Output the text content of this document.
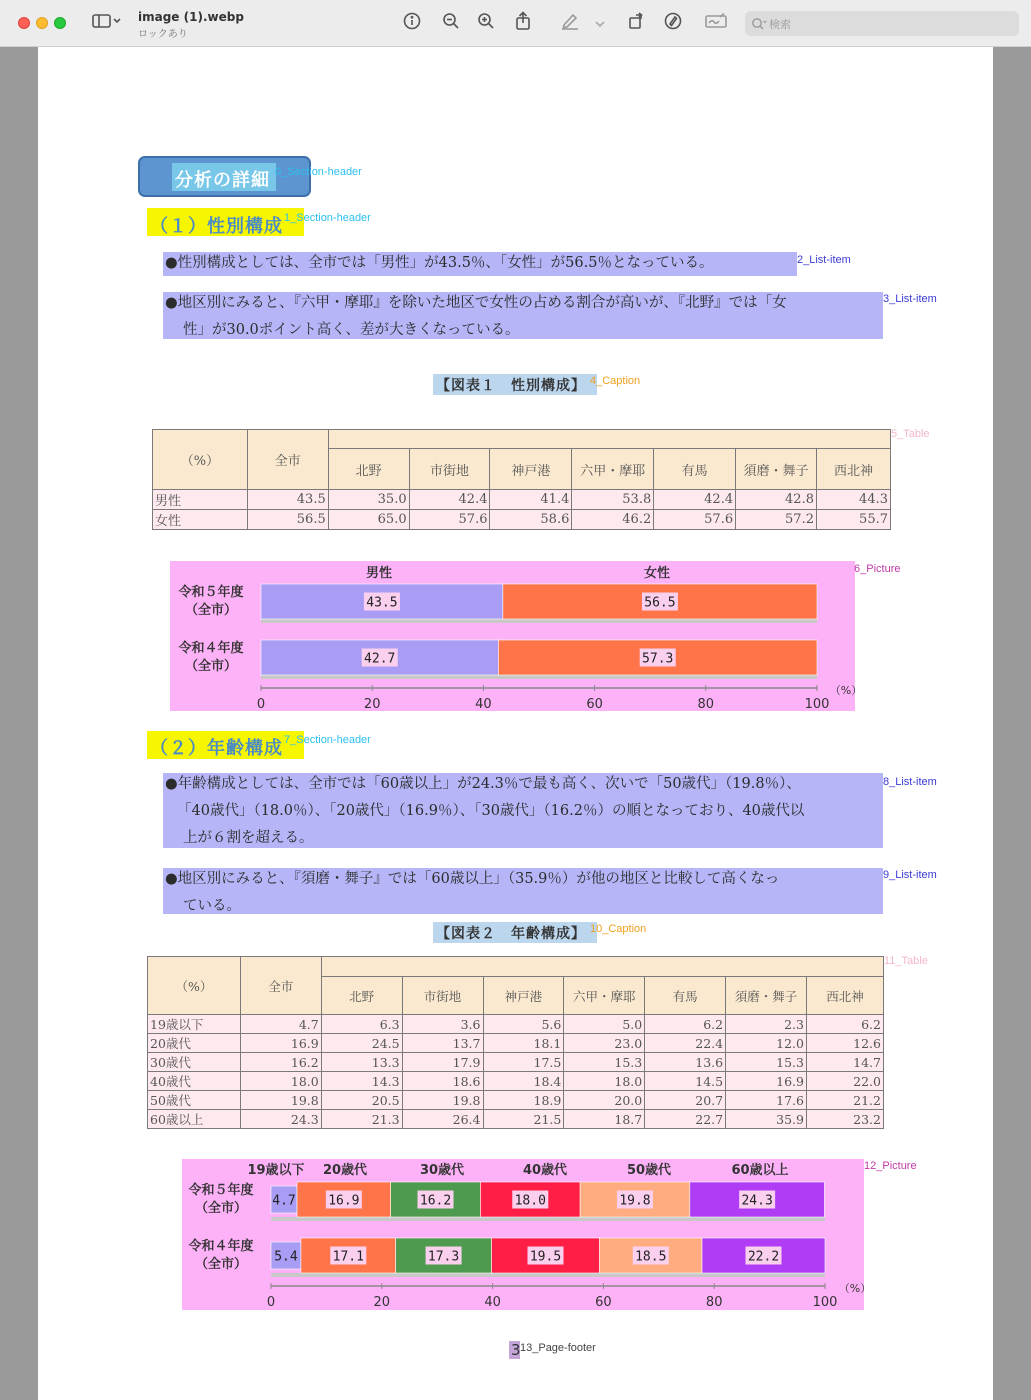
image (1).webp
ロックあり
検索
分析の詳細 0_Section-header
（１）性別構成 1_Section-header
●性別構成としては、全市では「男性」が43.5％、「女性」が56.5％となっている。	2_List-item
●地区別にみると、『六甲・摩耶』を除いた地区で女性の占める割合が高いが、『北野』では「女
性」が30.0ポイント高く、差が大きくなっている。
3_List-item
【図表１　性別構成】 4_Caption
（%）	全市							
		北野	市街地	神戸港	六甲・摩耶	有馬	須磨・舞子	西北神
男性	43.5	35.0	42.4	41.4	53.8	42.4	42.8	44.3
女性	56.5	65.0	57.6	58.6	46.2	57.6	57.2	55.7
5_Table
男性	女性
令和５年度
（全市）	43.5	56.5
令和４年度
（全市）	42.7	57.3
0	20	40	60	80	100
（%）
6_Picture
（２）年齢構成 7_Section-header
●年齢構成としては、全市では「60歳以上」が24.3％で最も高く、次いで「50歳代」（19.8％）、
「40歳代」（18.0％）、「20歳代」（16.9％）、「30歳代」（16.2％）の順となっており、40歳代以
上が６割を超える。
8_List-item
●地区別にみると、『須磨・舞子』では「60歳以上」（35.9％）が他の地区と比較して高くなっ
ている。
9_List-item
【図表２　年齢構成】 10_Caption
（%）	全市							
		北野	市街地	神戸港	六甲・摩耶	有馬	須磨・舞子	西北神
19歳以下	4.7	6.3	3.6	5.6	5.0	6.2	2.3	6.2
20歳代	16.9	24.5	13.7	18.1	23.0	22.4	12.0	12.6
30歳代	16.2	13.3	17.9	17.5	15.3	13.6	15.3	14.7
40歳代	18.0	14.3	18.6	18.4	18.0	14.5	16.9	22.0
50歳代	19.8	20.5	19.8	18.9	20.0	20.7	17.6	21.2
60歳以上	24.3	21.3	26.4	21.5	18.7	22.7	35.9	23.2
11_Table
19歳以下 20歳代	30歳代	40歳代	50歳代	60歳以上
令和５年度
（全市） 4.7 16.9	16.2	18.0	19.8	24.3
令和４年度
（全市） 5.4	17.1	17.3	19.5	18.5	22.2
0	20	40	60	80	100
（%）
12_Picture
3 13_Page-footer
